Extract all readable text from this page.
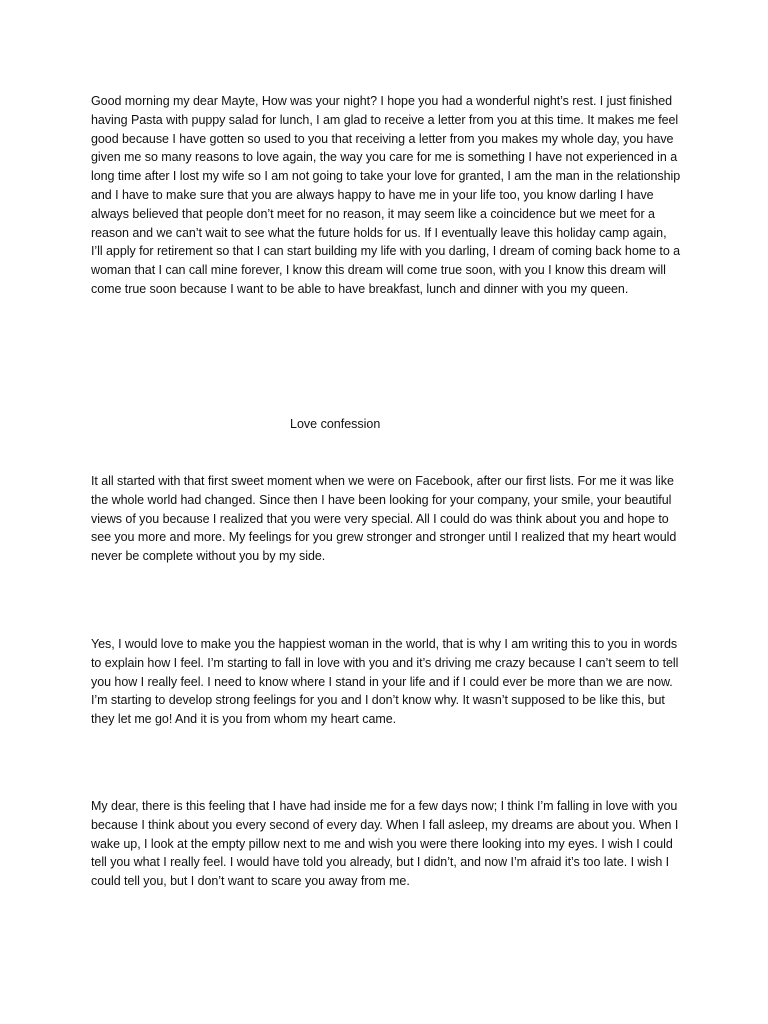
Good morning my dear Mayte, How was your night? I hope you had a wonderful night’s rest. I just finished having Pasta with puppy salad for lunch, I am glad to receive a letter from you at this time. It makes me feel good because I have gotten so used to you that receiving a letter from you makes my whole day, you have given me so many reasons to love again, the way you care for me is something I have not experienced in a long time after I lost my wife so I am not going to take your love for granted, I am the man in the relationship and I have to make sure that you are always happy to have me in your life too, you know darling I have always believed that people don’t meet for no reason, it may seem like a coincidence but we meet for a reason and we can’t wait to see what the future holds for us. If I eventually leave this holiday camp again, I’ll apply for retirement so that I can start building my life with you darling, I dream of coming back home to a woman that I can call mine forever, I know this dream will come true soon, with you I know this dream will come true soon because I want to be able to have breakfast, lunch and dinner with you my queen.

Love confession

It all started with that first sweet moment when we were on Facebook, after our first lists. For me it was like the whole world had changed. Since then I have been looking for your company, your smile, your beautiful views of you because I realized that you were very special. All I could do was think about you and hope to see you more and more. My feelings for you grew stronger and stronger until I realized that my heart would never be complete without you by my side.

Yes, I would love to make you the happiest woman in the world, that is why I am writing this to you in words to explain how I feel. I’m starting to fall in love with you and it’s driving me crazy because I can’t seem to tell you how I really feel. I need to know where I stand in your life and if I could ever be more than we are now. I’m starting to develop strong feelings for you and I don’t know why. It wasn’t supposed to be like this, but they let me go! And it is you from whom my heart came.

My dear, there is this feeling that I have had inside me for a few days now; I think I’m falling in love with you because I think about you every second of every day. When I fall asleep, my dreams are about you. When I wake up, I look at the empty pillow next to me and wish you were there looking into my eyes. I wish I could tell you what I really feel. I would have told you already, but I didn’t, and now I’m afraid it’s too late. I wish I could tell you, but I don’t want to scare you away from me.
